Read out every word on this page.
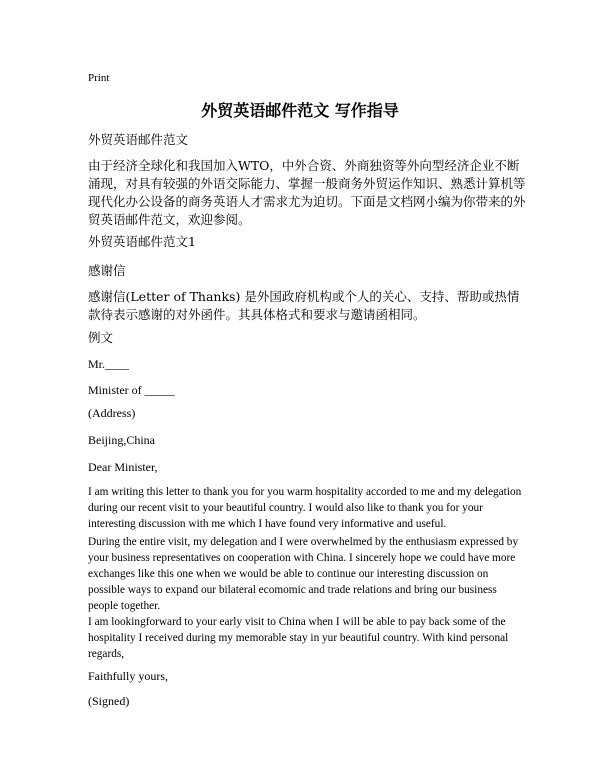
Print

外贸英语邮件范文 写作指导

外贸英语邮件范文

由于经济全球化和我国加入WTO，中外合资、外商独资等外向型经济企业不断涌现，对具有较强的外语交际能力、掌握一般商务外贸运作知识、熟悉计算机等现代化办公设备的商务英语人才需求尤为迫切。下面是文档网小编为你带来的外贸英语邮件范文，欢迎参阅。

外贸英语邮件范文1

感谢信

感谢信(Letter of Thanks) 是外国政府机构或个人的关心、支持、帮助或热情款待表示感谢的对外函件。其具体格式和要求与邀请函相同。

例文

Mr.____

Minister of _____

(Address)

Beijing,China

Dear Minister,

I am writing this letter to thank you for you warm hospitality accorded to me and my delegation during our recent visit to your beautiful country. I would also like to thank you for your interesting discussion with me which I have found very informative and useful.

During the entire visit, my delegation and I were overwhelmed by the enthusiasm expressed by your business representatives on cooperation with China. I sincerely hope we could have more exchanges like this one when we would be able to continue our interesting discussion on possible ways to expand our bilateral ecomomic and trade relations and bring our business people together.

I am lookingforward to your early visit to China when I will be able to pay back some of the hospitality I received during my memorable stay in yur beautiful country. With kind personal regards,

Faithfully yours,

(Signed)
